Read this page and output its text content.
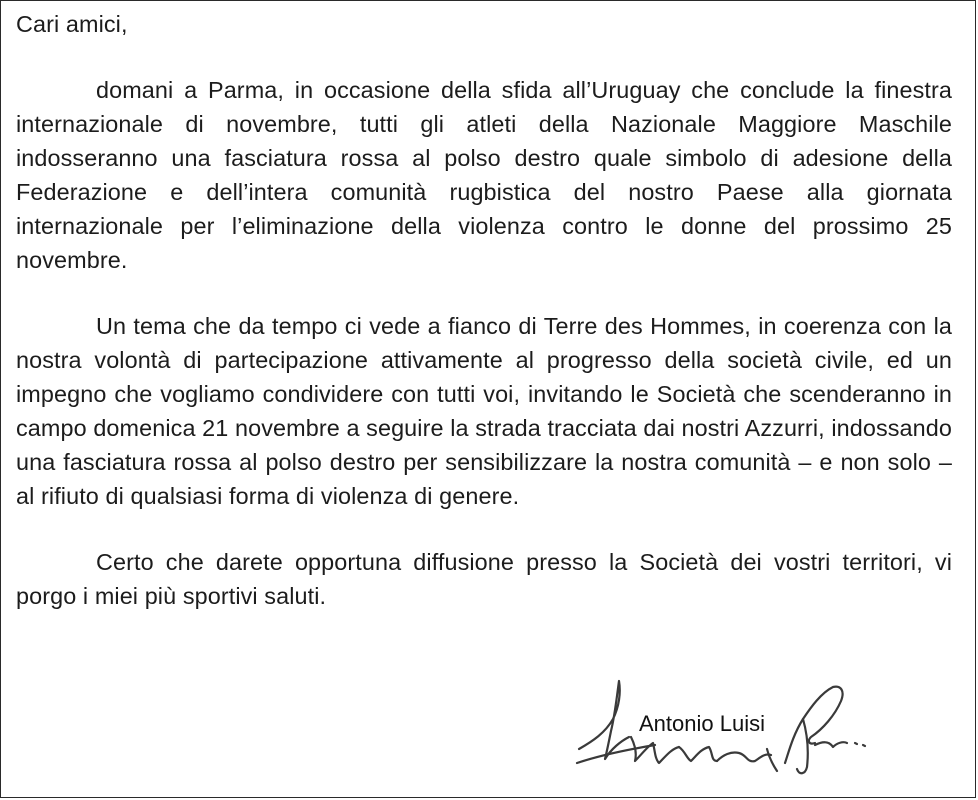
Cari amici,

domani a Parma, in occasione della sfida all’Uruguay che conclude la finestra internazionale di novembre, tutti gli atleti della Nazionale Maggiore Maschile indosseranno una fasciatura rossa al polso destro quale simbolo di adesione della Federazione e dell’intera comunità rugbistica del nostro Paese alla giornata internazionale per l’eliminazione della violenza contro le donne del prossimo 25 novembre.

Un tema che da tempo ci vede a fianco di Terre des Hommes, in coerenza con la nostra volontà di partecipazione attivamente al progresso della società civile, ed un impegno che vogliamo condividere con tutti voi, invitando le Società che scenderanno in campo domenica 21 novembre a seguire la strada tracciata dai nostri Azzurri, indossando una fasciatura rossa al polso destro per sensibilizzare la nostra comunità – e non solo – al rifiuto di qualsiasi forma di violenza di genere.

Certo che darete opportuna diffusione presso la Società dei vostri territori, vi porgo i miei più sportivi saluti.

Antonio Luisi
